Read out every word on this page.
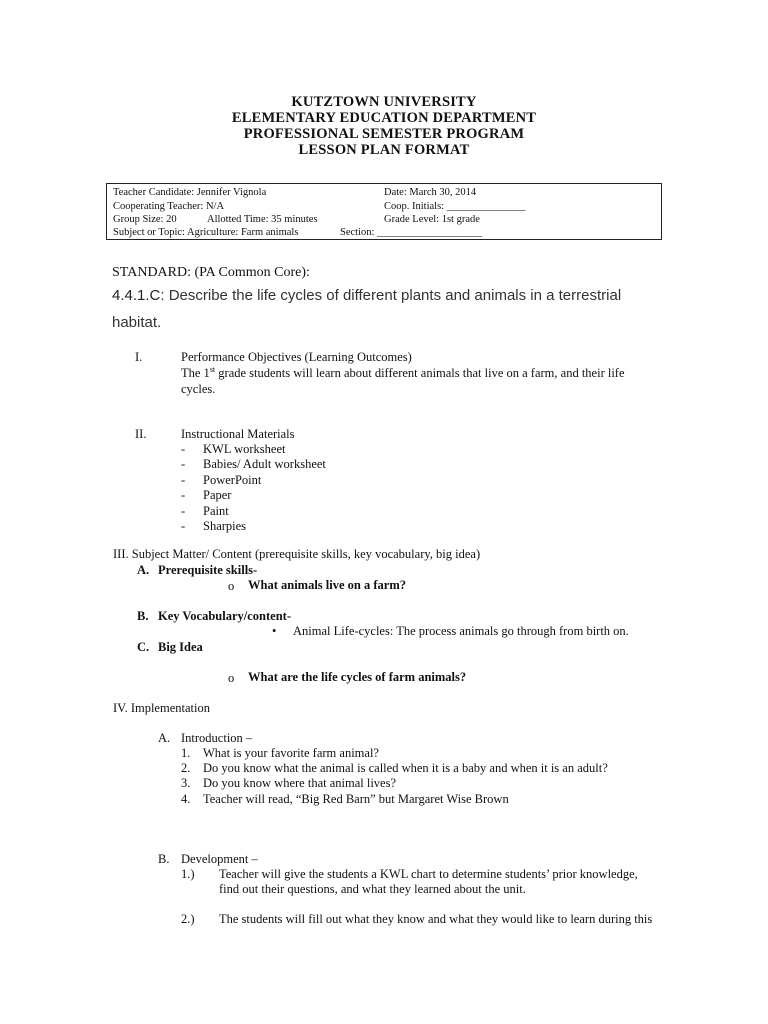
KUTZTOWN UNIVERSITY
ELEMENTARY EDUCATION DEPARTMENT
PROFESSIONAL SEMESTER PROGRAM
LESSON PLAN FORMAT
Teacher Candidate: Jennifer Vignola	Date: March 30, 2014
Cooperating Teacher: N/A	Coop. Initials: _______________
Group Size: 20	Allotted Time: 35 minutes	Grade Level: 1st grade
Subject or Topic: Agriculture: Farm animals	Section: ____________________
STANDARD: (PA Common Core):
4.4.1.C: Describe the life cycles of different plants and animals in a terrestrial
habitat.
I.	Performance Objectives (Learning Outcomes)
The 1st grade students will learn about different animals that live on a farm, and their life
cycles.
II.	Instructional Materials
- KWL worksheet
- Babies/ Adult worksheet
- PowerPoint
- Paper
- Paint
- Sharpies
III. Subject Matter/ Content (prerequisite skills, key vocabulary, big idea)
A. Prerequisite skills-
o What animals live on a farm?
B. Key Vocabulary/content-
• Animal Life-cycles: The process animals go through from birth on.
C. Big Idea
o What are the life cycles of farm animals?
IV. Implementation
A. Introduction –
1. What is your favorite farm animal?
2. Do you know what the animal is called when it is a baby and when it is an adult?
3. Do you know where that animal lives?
4. Teacher will read, “Big Red Barn” but Margaret Wise Brown
B. Development –
1.) Teacher will give the students a KWL chart to determine students’ prior knowledge,
find out their questions, and what they learned about the unit.
2.) The students will fill out what they know and what they would like to learn during this
